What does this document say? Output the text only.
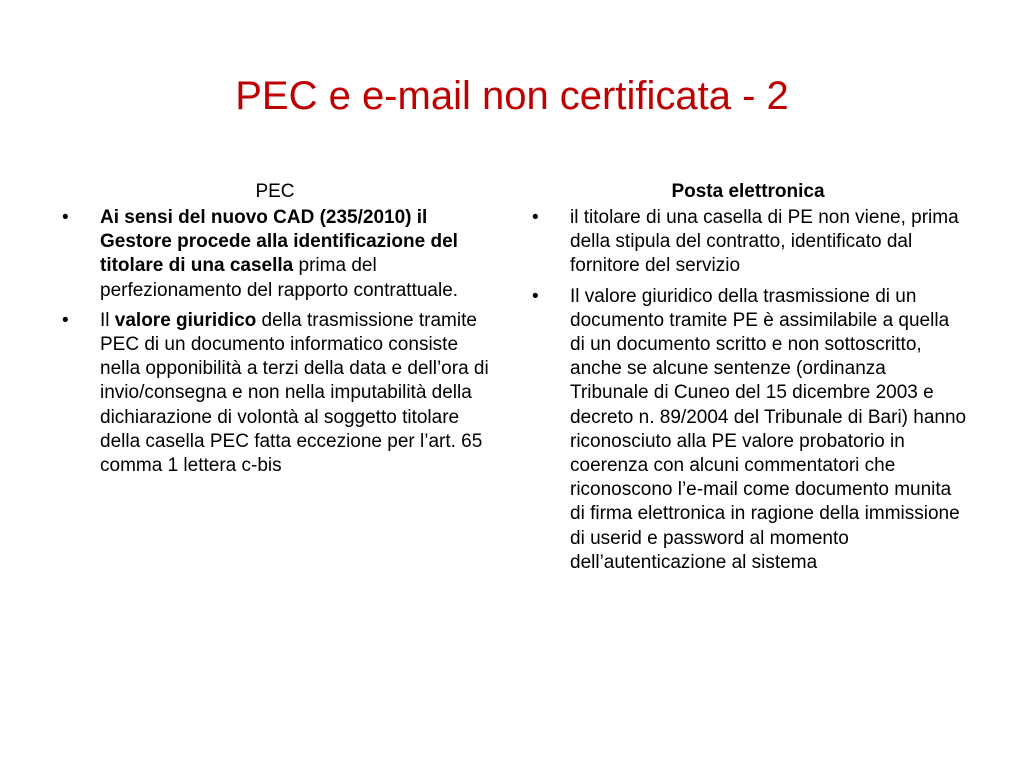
PEC e e-mail non certificata - 2
PEC
• Ai sensi del nuovo CAD (235/2010) il Gestore procede alla identificazione del titolare di una casella prima del perfezionamento del rapporto contrattuale.
• Il valore giuridico della trasmissione tramite PEC di un documento informatico consiste nella opponibilità a terzi della data e dell’ora di invio/consegna e non nella imputabilità della dichiarazione di volontà al soggetto titolare della casella PEC fatta eccezione per l’art. 65 comma 1 lettera c-bis
Posta elettronica
• il titolare di una casella di PE non viene, prima della stipula del contratto, identificato dal fornitore del servizio
• Il valore giuridico della trasmissione di un documento tramite PE è assimilabile a quella di un documento scritto e non sottoscritto, anche se alcune sentenze (ordinanza Tribunale di Cuneo del 15 dicembre 2003 e decreto n. 89/2004 del Tribunale di Bari) hanno riconosciuto alla PE valore probatorio in coerenza con alcuni commentatori che riconoscono l’e-mail come documento munita di firma elettronica in ragione della immissione di userid e password al momento dell’autenticazione al sistema
